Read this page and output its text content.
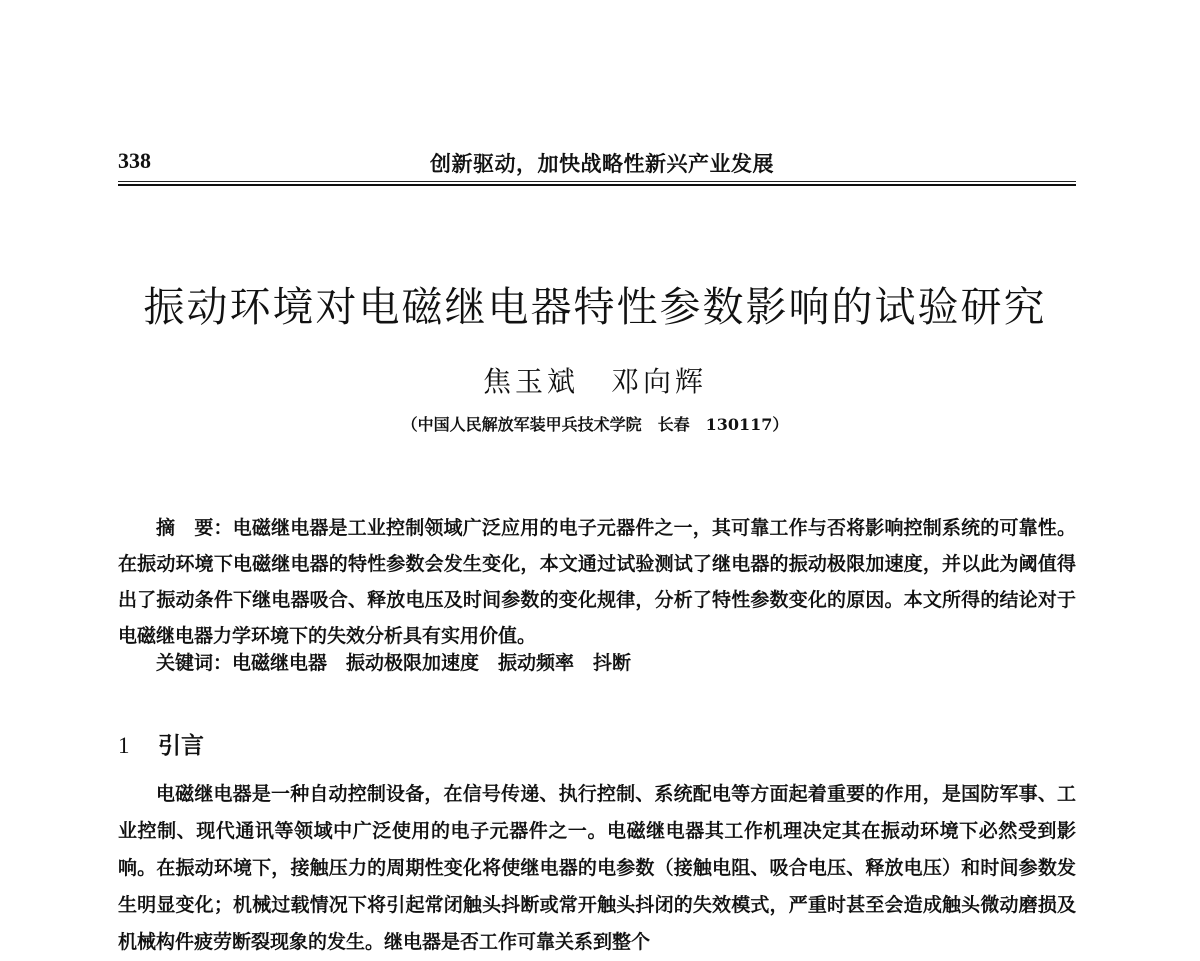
338	创新驱动，加快战略性新兴产业发展
振动环境对电磁继电器特性参数影响的试验研究
焦玉斌　邓向辉
（中国人民解放军装甲兵技术学院　长春　130117）

摘　要：电磁继电器是工业控制领域广泛应用的电子元器件之一，其可靠工作与否将影响控制系统的可靠性。在振动环境下电磁继电器的特性参数会发生变化，本文通过试验测试了继电器的振动极限加速度，并以此为阈值得出了振动条件下继电器吸合、释放电压及时间参数的变化规律，分析了特性参数变化的原因。本文所得的结论对于电磁继电器力学环境下的失效分析具有实用价值。

关键词：电磁继电器　振动极限加速度　振动频率　抖断

1 引言

电磁继电器是一种自动控制设备，在信号传递、执行控制、系统配电等方面起着重要的作用，是国防军事、工业控制、现代通讯等领域中广泛使用的电子元器件之一。电磁继电器其工作机理决定其在振动环境下必然受到影响。在振动环境下，接触压力的周期性变化将使继电器的电参数（接触电阻、吸合电压、释放电压）和时间参数发生明显变化；机械过载情况下将引起常闭触头抖断或常开触头抖闭的失效模式，严重时甚至会造成触头微动磨损及机械构件疲劳断裂现象的发生。继电器是否工作可靠关系到整个
